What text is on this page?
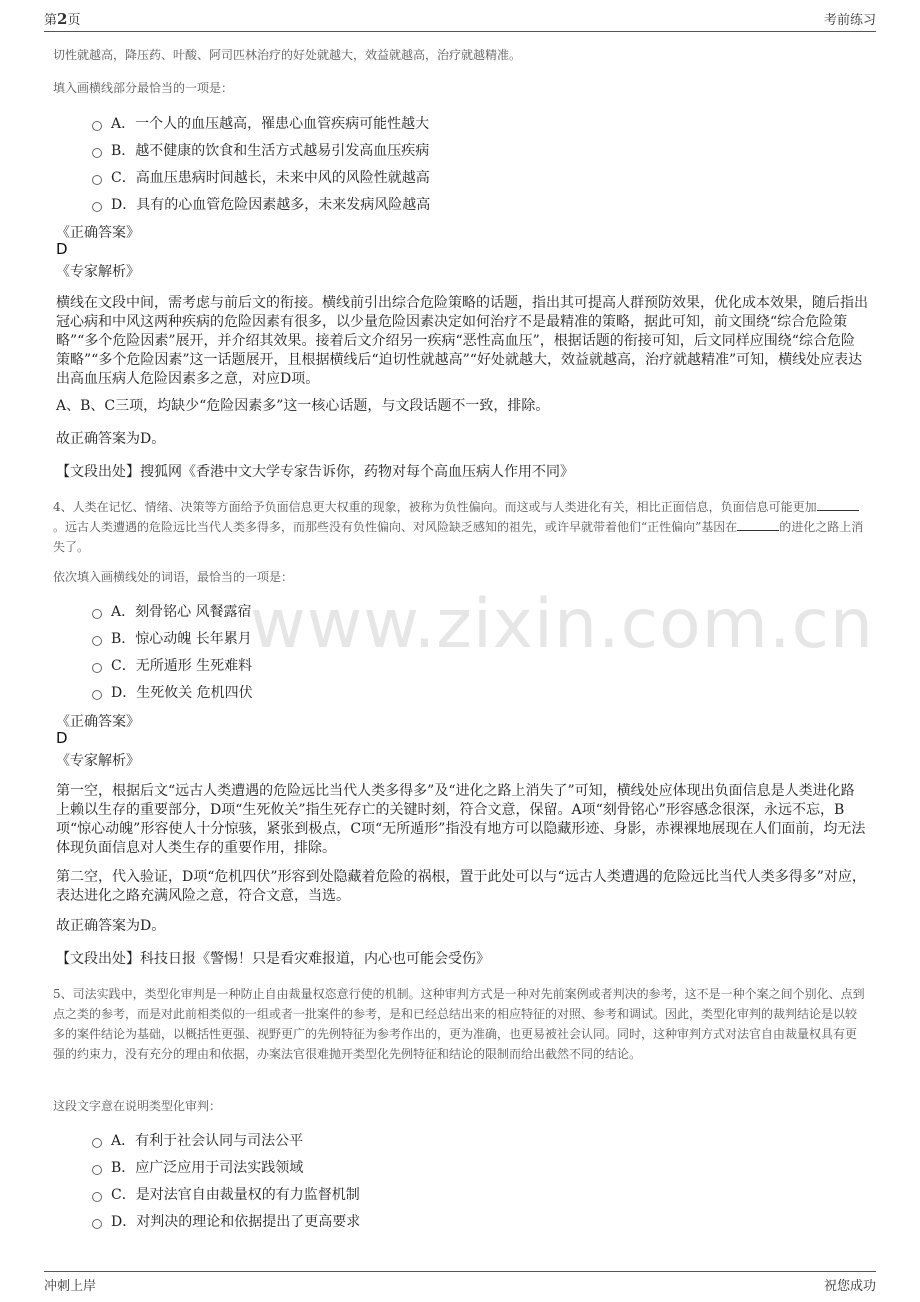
第 2 页	考前练习
www.zixin.com.cn
切性就越高，降压药、叶酸、阿司匹林治疗的好处就越大，效益就越高，治疗就越精准。
填入画横线部分最恰当的一项是：
A．一个人的血压越高，罹患心血管疾病可能性越大
B．越不健康的饮食和生活方式越易引发高血压疾病
C．高血压患病时间越长，未来中风的风险性就越高
D．具有的心血管危险因素越多，未来发病风险越高
《正确答案》
D
《专家解析》
横线在文段中间，需考虑与前后文的衔接。横线前引出综合危险策略的话题，指出其可提高人群预防效果，优化成本效果，随后指出冠心病和中风这两种疾病的危险因素有很多，以少量危险因素决定如何治疗不是最精准的策略，据此可知，前文围绕“综合危险策略”“多个危险因素”展开，并介绍其效果。接着后文介绍另一疾病“恶性高血压”，根据话题的衔接可知，后文同样应围绕“综合危险策略”“多个危险因素”这一话题展开，且根据横线后“迫切性就越高”“好处就越大，效益就越高，治疗就越精准”可知，横线处应表达出高血压病人危险因素多之意，对应D项。
A、B、C三项，均缺少“危险因素多”这一核心话题，与文段话题不一致，排除。
故正确答案为D。
【文段出处】搜狐网《香港中文大学专家告诉你，药物对每个高血压病人作用不同》
4、人类在记忆、情绪、决策等方面给予负面信息更大权重的现象，被称为负性偏向。而这或与人类进化有关，相比正面信息，负面信息可能更加。远古人类遭遇的危险远比当代人类多得多，而那些没有负性偏向、对风险缺乏感知的祖先，或许早就带着他们“正性偏向”基因在	的进化之路上消失了。
依次填入画横线处的词语，最恰当的一项是：
A．刻骨铭心 风餐露宿
B．惊心动魄 长年累月
C．无所遁形 生死难料
D．生死攸关 危机四伏
《正确答案》
D
《专家解析》
第一空，根据后文“远古人类遭遇的危险远比当代人类多得多”及“进化之路上消失了”可知，横线处应体现出负面信息是人类进化路上赖以生存的重要部分，D项“生死攸关”指生死存亡的关键时刻，符合文意，保留。A项“刻骨铭心”形容感念很深，永远不忘，B项“惊心动魄”形容使人十分惊骇，紧张到极点，C项“无所遁形”指没有地方可以隐藏形迹、身影，赤裸裸地展现在人们面前，均无法体现负面信息对人类生存的重要作用，排除。
第二空，代入验证，D项“危机四伏”形容到处隐藏着危险的祸根，置于此处可以与“远古人类遭遇的危险远比当代人类多得多”对应，表达进化之路充满风险之意，符合文意，当选。
故正确答案为D。
【文段出处】科技日报《警惕！只是看灾难报道，内心也可能会受伤》
5、司法实践中，类型化审判是一种防止自由裁量权恣意行使的机制。这种审判方式是一种对先前案例或者判决的参考，这不是一种个案之间个别化、点到点之类的参考，而是对此前相类似的一组或者一批案件的参考，是和已经总结出来的相应特征的对照、参考和调试。因此，类型化审判的裁判结论是以较多的案件结论为基础，以概括性更强、视野更广的先例特征为参考作出的，更为准确，也更易被社会认同。同时，这种审判方式对法官自由裁量权具有更强的约束力，没有充分的理由和依据，办案法官很难抛开类型化先例特征和结论的限制而给出截然不同的结论。
这段文字意在说明类型化审判：
A．有利于社会认同与司法公平
B．应广泛应用于司法实践领域
C．是对法官自由裁量权的有力监督机制
D．对判决的理论和依据提出了更高要求
冲刺上岸	祝您成功
